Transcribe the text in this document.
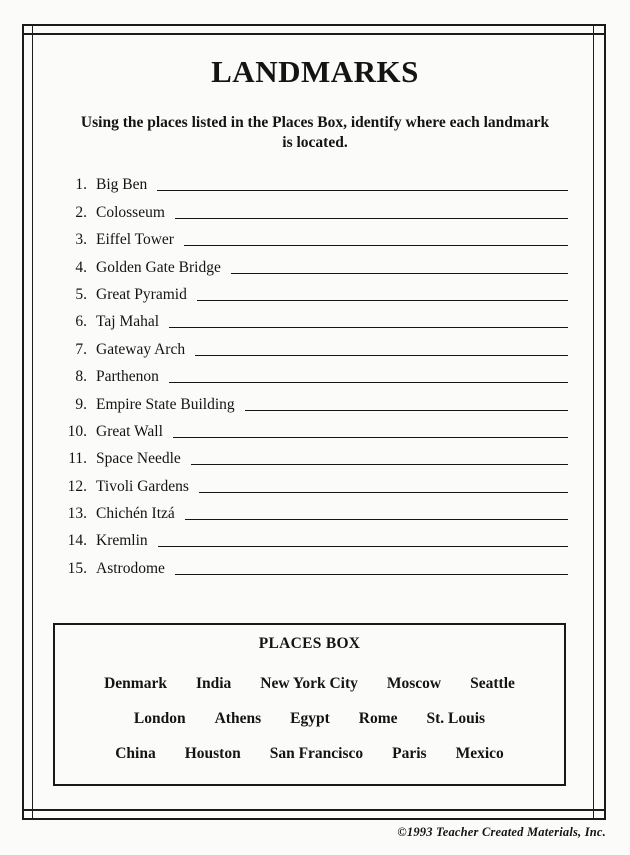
LANDMARKS

Using the places listed in the Places Box, identify where each landmark
is located.

1. Big Ben
2. Colosseum
3. Eiffel Tower
4. Golden Gate Bridge
5. Great Pyramid
6. Taj Mahal
7. Gateway Arch
8. Parthenon
9. Empire State Building
10. Great Wall
11. Space Needle
12. Tivoli Gardens
13. Chichén Itzá
14. Kremlin
15. Astrodome
PLACES BOX
Denmark India New York City Moscow Seattle
London Athens Egypt Rome St. Louis
China Houston San Francisco Paris Mexico
©1993 Teacher Created Materials, Inc.
